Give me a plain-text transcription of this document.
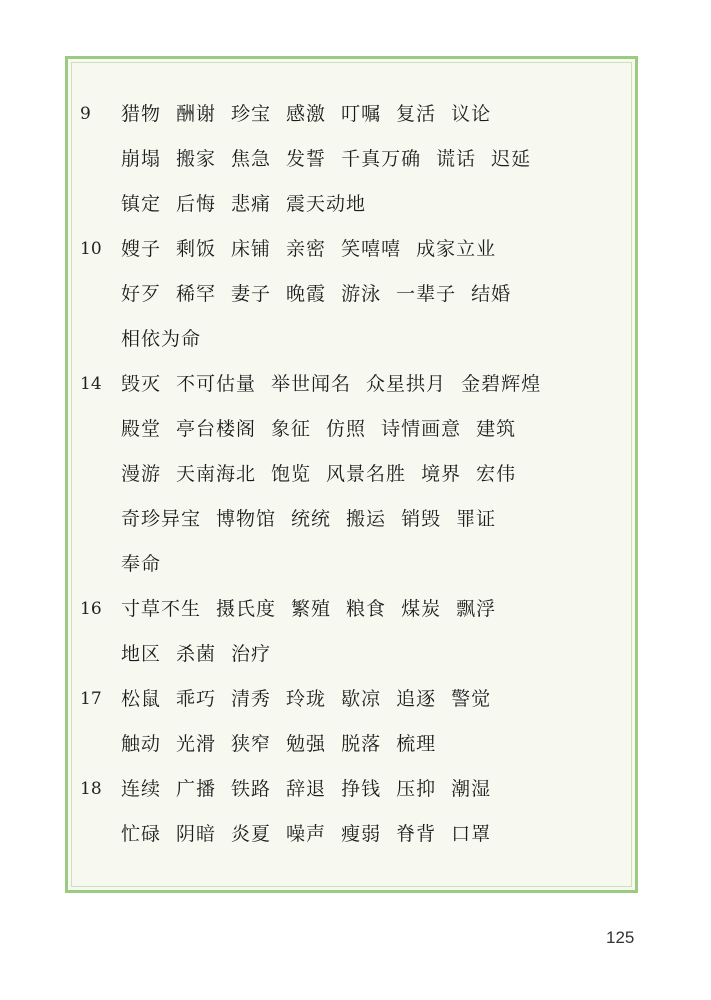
9	猎物 酬谢 珍宝 感激 叮嘱 复活 议论
崩塌 搬家 焦急 发誓 千真万确 谎话 迟延
镇定 后悔 悲痛 震天动地
10	嫂子 剩饭 床铺 亲密 笑嘻嘻 成家立业
好歹 稀罕 妻子 晚霞 游泳 一辈子 结婚
相依为命
14	毁灭 不可估量 举世闻名 众星拱月 金碧辉煌
殿堂 亭台楼阁 象征 仿照 诗情画意 建筑
漫游 天南海北 饱览 风景名胜 境界 宏伟
奇珍异宝 博物馆 统统 搬运 销毁 罪证
奉命
16	寸草不生 摄氏度 繁殖 粮食 煤炭 飘浮
地区 杀菌 治疗
17	松鼠 乖巧 清秀 玲珑 歇凉 追逐 警觉
触动 光滑 狭窄 勉强 脱落 梳理
18	连续 广播 铁路 辞退 挣钱 压抑 潮湿
忙碌 阴暗 炎夏 噪声 瘦弱 脊背 口罩
125
